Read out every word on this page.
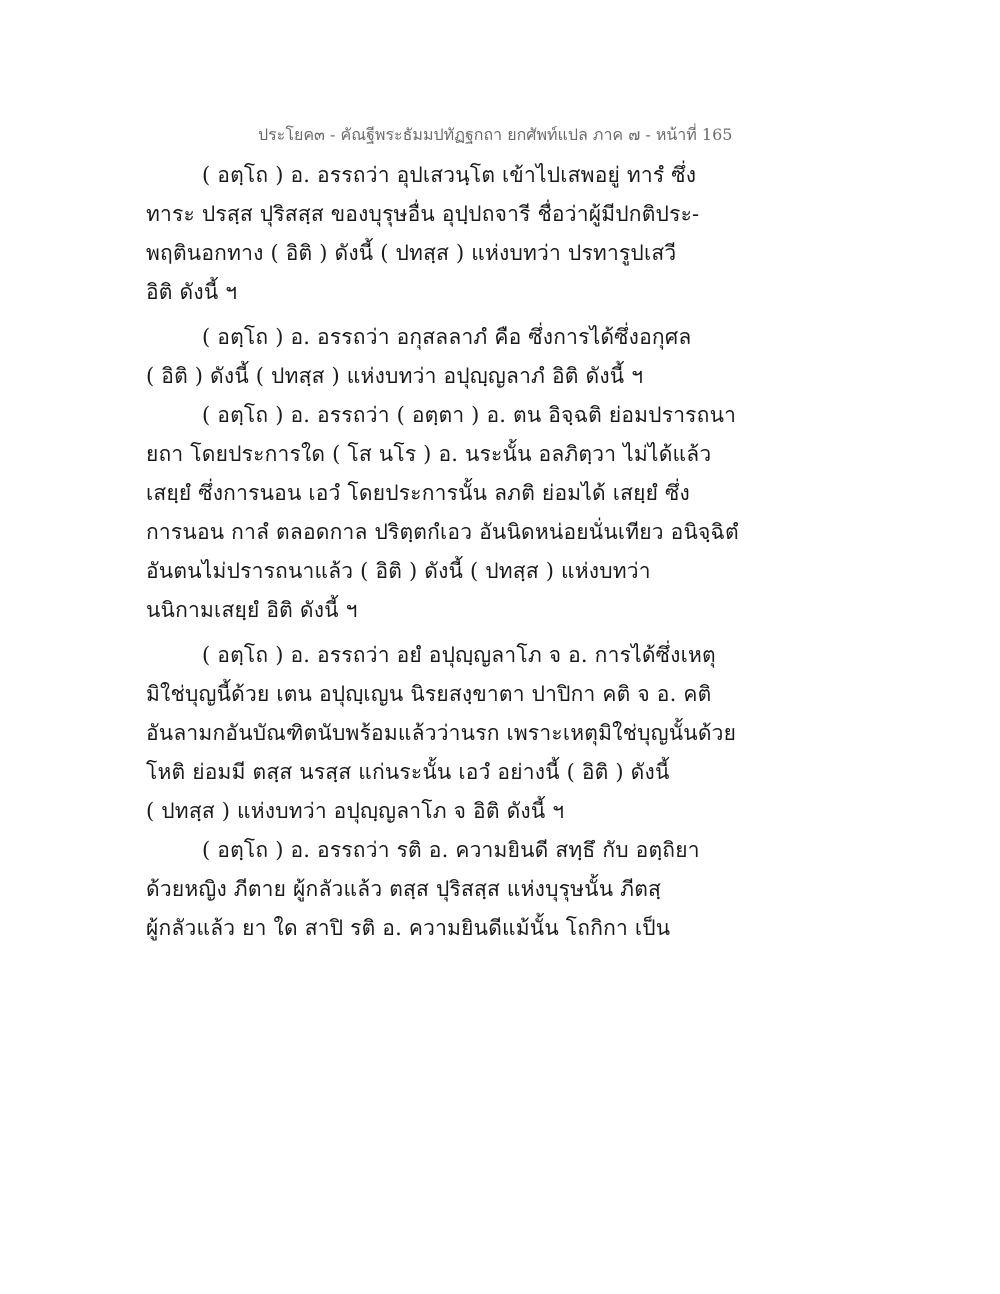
ประโยค๓ - คัณฐีพระธัมมปทัฏฐกถา ยกศัพท์แปล ภาค ๗ - หน้าที่ 165
( อตฺโถ ) อ. อรรถว่า อุปเสวนฺโต เข้าไปเสพอยู่ ทารํ ซึ่ง
ทาระ ปรสฺส ปุริสสฺส ของบุรุษอื่น อุปฺปถจารี ชื่อว่าผู้มีปกติประ-
พฤตินอกทาง ( อิติ ) ดังนี้ ( ปทสฺส ) แห่งบทว่า ปรทารูปเสวี
อิติ ดังนี้ ฯ
( อตฺโถ ) อ. อรรถว่า อกุสลลาภํ คือ ซึ่งการได้ซึ่งอกุศล
( อิติ ) ดังนี้ ( ปทสฺส ) แห่งบทว่า อปุญฺญลาภํ อิติ ดังนี้ ฯ
( อตฺโถ ) อ. อรรถว่า ( อตฺตา ) อ. ตน อิจฺฉติ ย่อมปรารถนา
ยถา โดยประการใด ( โส นโร ) อ. นระนั้น อลภิตฺวา ไม่ได้แล้ว
เสยฺยํ ซึ่งการนอน เอวํ โดยประการนั้น ลภติ ย่อมได้ เสยฺยํ ซึ่ง
การนอน กาลํ ตลอดกาล ปริตฺตกํเอว อันนิดหน่อยนั่นเทียว อนิจฺฉิตํ
อันตนไม่ปรารถนาแล้ว ( อิติ ) ดังนี้ ( ปทสฺส ) แห่งบทว่า
นนิกามเสยฺยํ อิติ ดังนี้ ฯ
( อตฺโถ ) อ. อรรถว่า อยํ อปุญฺญลาโภ จ อ. การได้ซึ่งเหตุ
มิใช่บุญนี้ด้วย เตน อปุญฺเญน นิรยสงฺขาตา ปาปิกา คติ จ อ. คติ
อันลามกอันบัณฑิตนับพร้อมแล้วว่านรก เพราะเหตุมิใช่บุญนั้นด้วย
โหติ ย่อมมี ตสฺส นรสฺส แก่นระนั้น เอวํ อย่างนี้ ( อิติ ) ดังนี้
( ปทสฺส ) แห่งบทว่า อปุญฺญลาโภ จ อิติ ดังนี้ ฯ
( อตฺโถ ) อ. อรรถว่า รติ อ. ความยินดี สทฺธึ กับ อตฺถิยา
ด้วยหญิง ภีตาย ผู้กลัวแล้ว ตสฺส ปุริสสฺส แห่งบุรุษนั้น ภีตสฺ
ผู้กลัวแล้ว ยา ใด สาปิ รติ อ. ความยินดีแม้นั้น โถกิกา เป็น
